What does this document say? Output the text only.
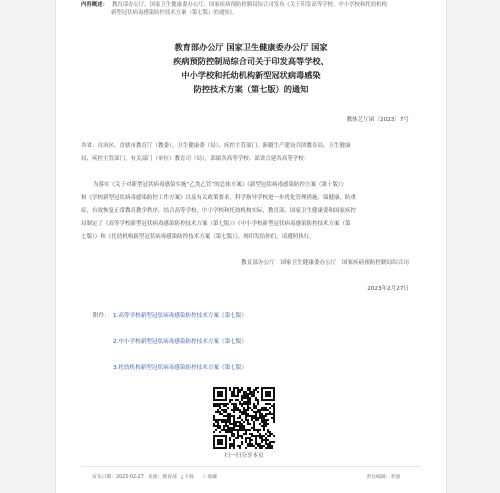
内容概述： 教育部办公厅、国家卫生健康委办公厅、国家疾病预防控制局综合司发布《关于印发高等学校、中小学校和托幼机构
新型冠状病毒感染防控技术方案（第七版）的通知》。
教育部办公厅 国家卫生健康委办公厅 国家
疾病预防控制局综合司关于印发高等学校、
中小学校和托幼机构新型冠状病毒感染
防控技术方案（第七版）的通知
教体艺厅函〔2023〕7号
各省、自治区、直辖市教育厅（教委）、卫生健康委（局）、疾控主管部门，新疆生产建设兵团教育局、卫生健康
局、疾控主管部门，有关部门（单位）教育司（局），部属各高等学校、部省合建各高等学校：
为落实《关于对新型冠状病毒感染实施“乙类乙管”的总体方案》《新型冠状病毒感染防控方案（第十版）》
和《学校新型冠状病毒感染防控工作方案》以及有关政策要求，科学指导学校进一步优化管理措施、保健康、防重
症，有效恢复正常教育教学秩序，结合高等学校、中小学校和托幼机构实际，教育部、国家卫生健康委和国家疾控
局制定了《高等学校新型冠状病毒感染防控技术方案（第七版）》《中小学校新型冠状病毒感染防控技术方案（第
七版）》和《托幼机构新型冠状病毒感染防控技术方案（第七版）》，现印发给你们，请遵照执行。
教育部办公厅　国家卫生健康委办公厅　国家疾病预防控制局综合司
2023年2月27日
附件： 1.高等学校新型冠状病毒感染防控技术方案（第七版）
2.中小学校新型冠状病毒感染防控技术方案（第七版）
3.托幼机构新型冠状病毒感染防控技术方案（第七版）
扫一扫分享本页
发布日期：2023-02-27 来源：教育部 ⤓下载 ☆收藏	责任编辑：李强
